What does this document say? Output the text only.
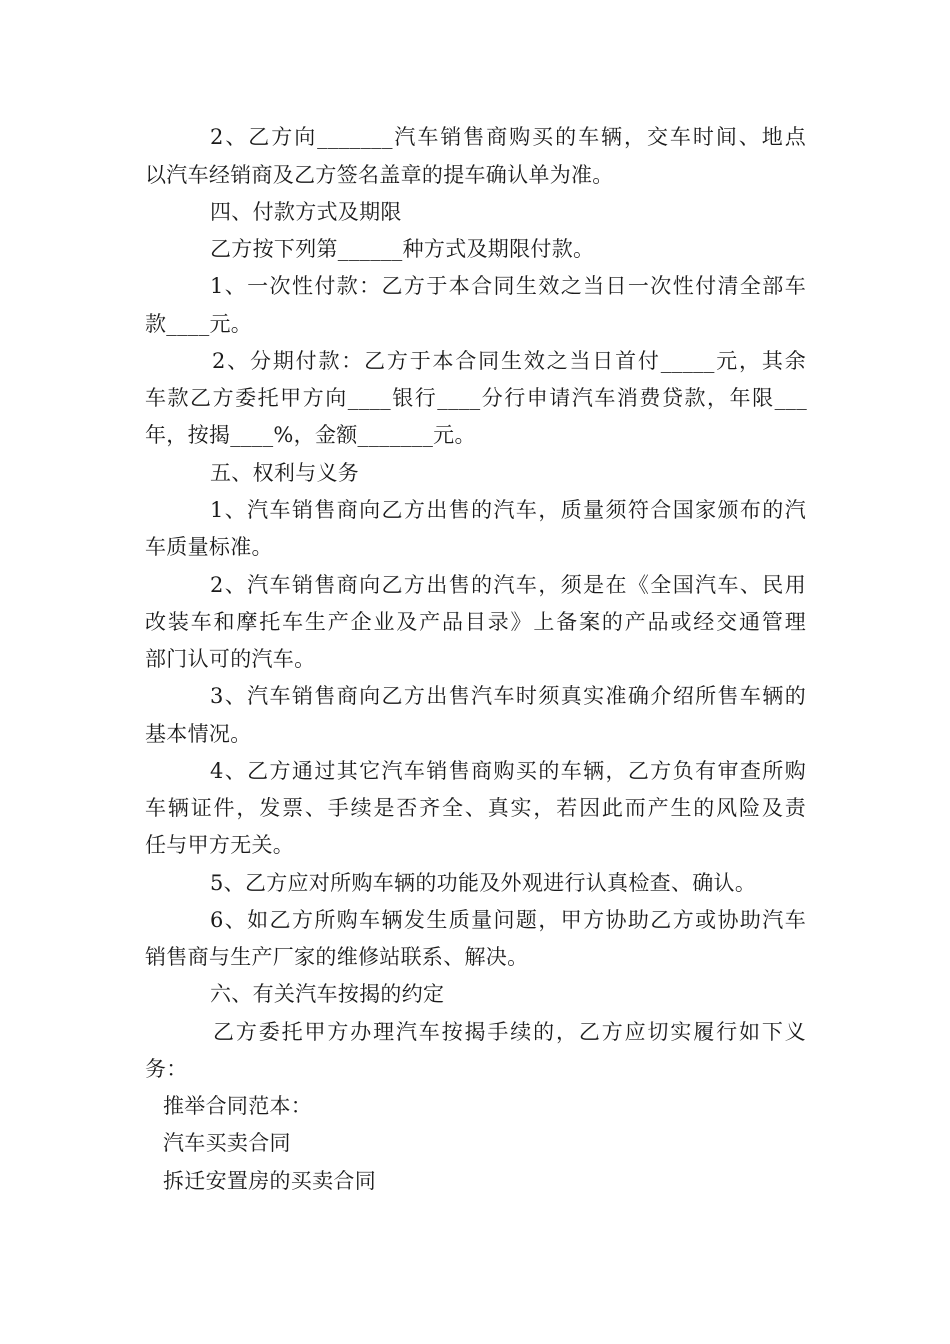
2、乙方向_______汽车销售商购买的车辆，交车时间、地点
以汽车经销商及乙方签名盖章的提车确认单为准。
四、付款方式及期限
乙方按下列第______种方式及期限付款。
1、一次性付款：乙方于本合同生效之当日一次性付清全部车
款____元。
2、分期付款：乙方于本合同生效之当日首付_____元，其余
车款乙方委托甲方向____银行____分行申请汽车消费贷款，年限___
年，按揭____%，金额_______元。
五、权利与义务
1、汽车销售商向乙方出售的汽车，质量须符合国家颁布的汽
车质量标准。
2、汽车销售商向乙方出售的汽车，须是在《全国汽车、民用
改装车和摩托车生产企业及产品目录》上备案的产品或经交通管理
部门认可的汽车。
3、汽车销售商向乙方出售汽车时须真实准确介绍所售车辆的
基本情况。
4、乙方通过其它汽车销售商购买的车辆，乙方负有审查所购
车辆证件，发票、手续是否齐全、真实，若因此而产生的风险及责
任与甲方无关。
5、乙方应对所购车辆的功能及外观进行认真检查、确认。
6、如乙方所购车辆发生质量问题，甲方协助乙方或协助汽车
销售商与生产厂家的维修站联系、解决。
六、有关汽车按揭的约定
乙方委托甲方办理汽车按揭手续的，乙方应切实履行如下义
务：
推举合同范本：
汽车买卖合同
拆迁安置房的买卖合同
